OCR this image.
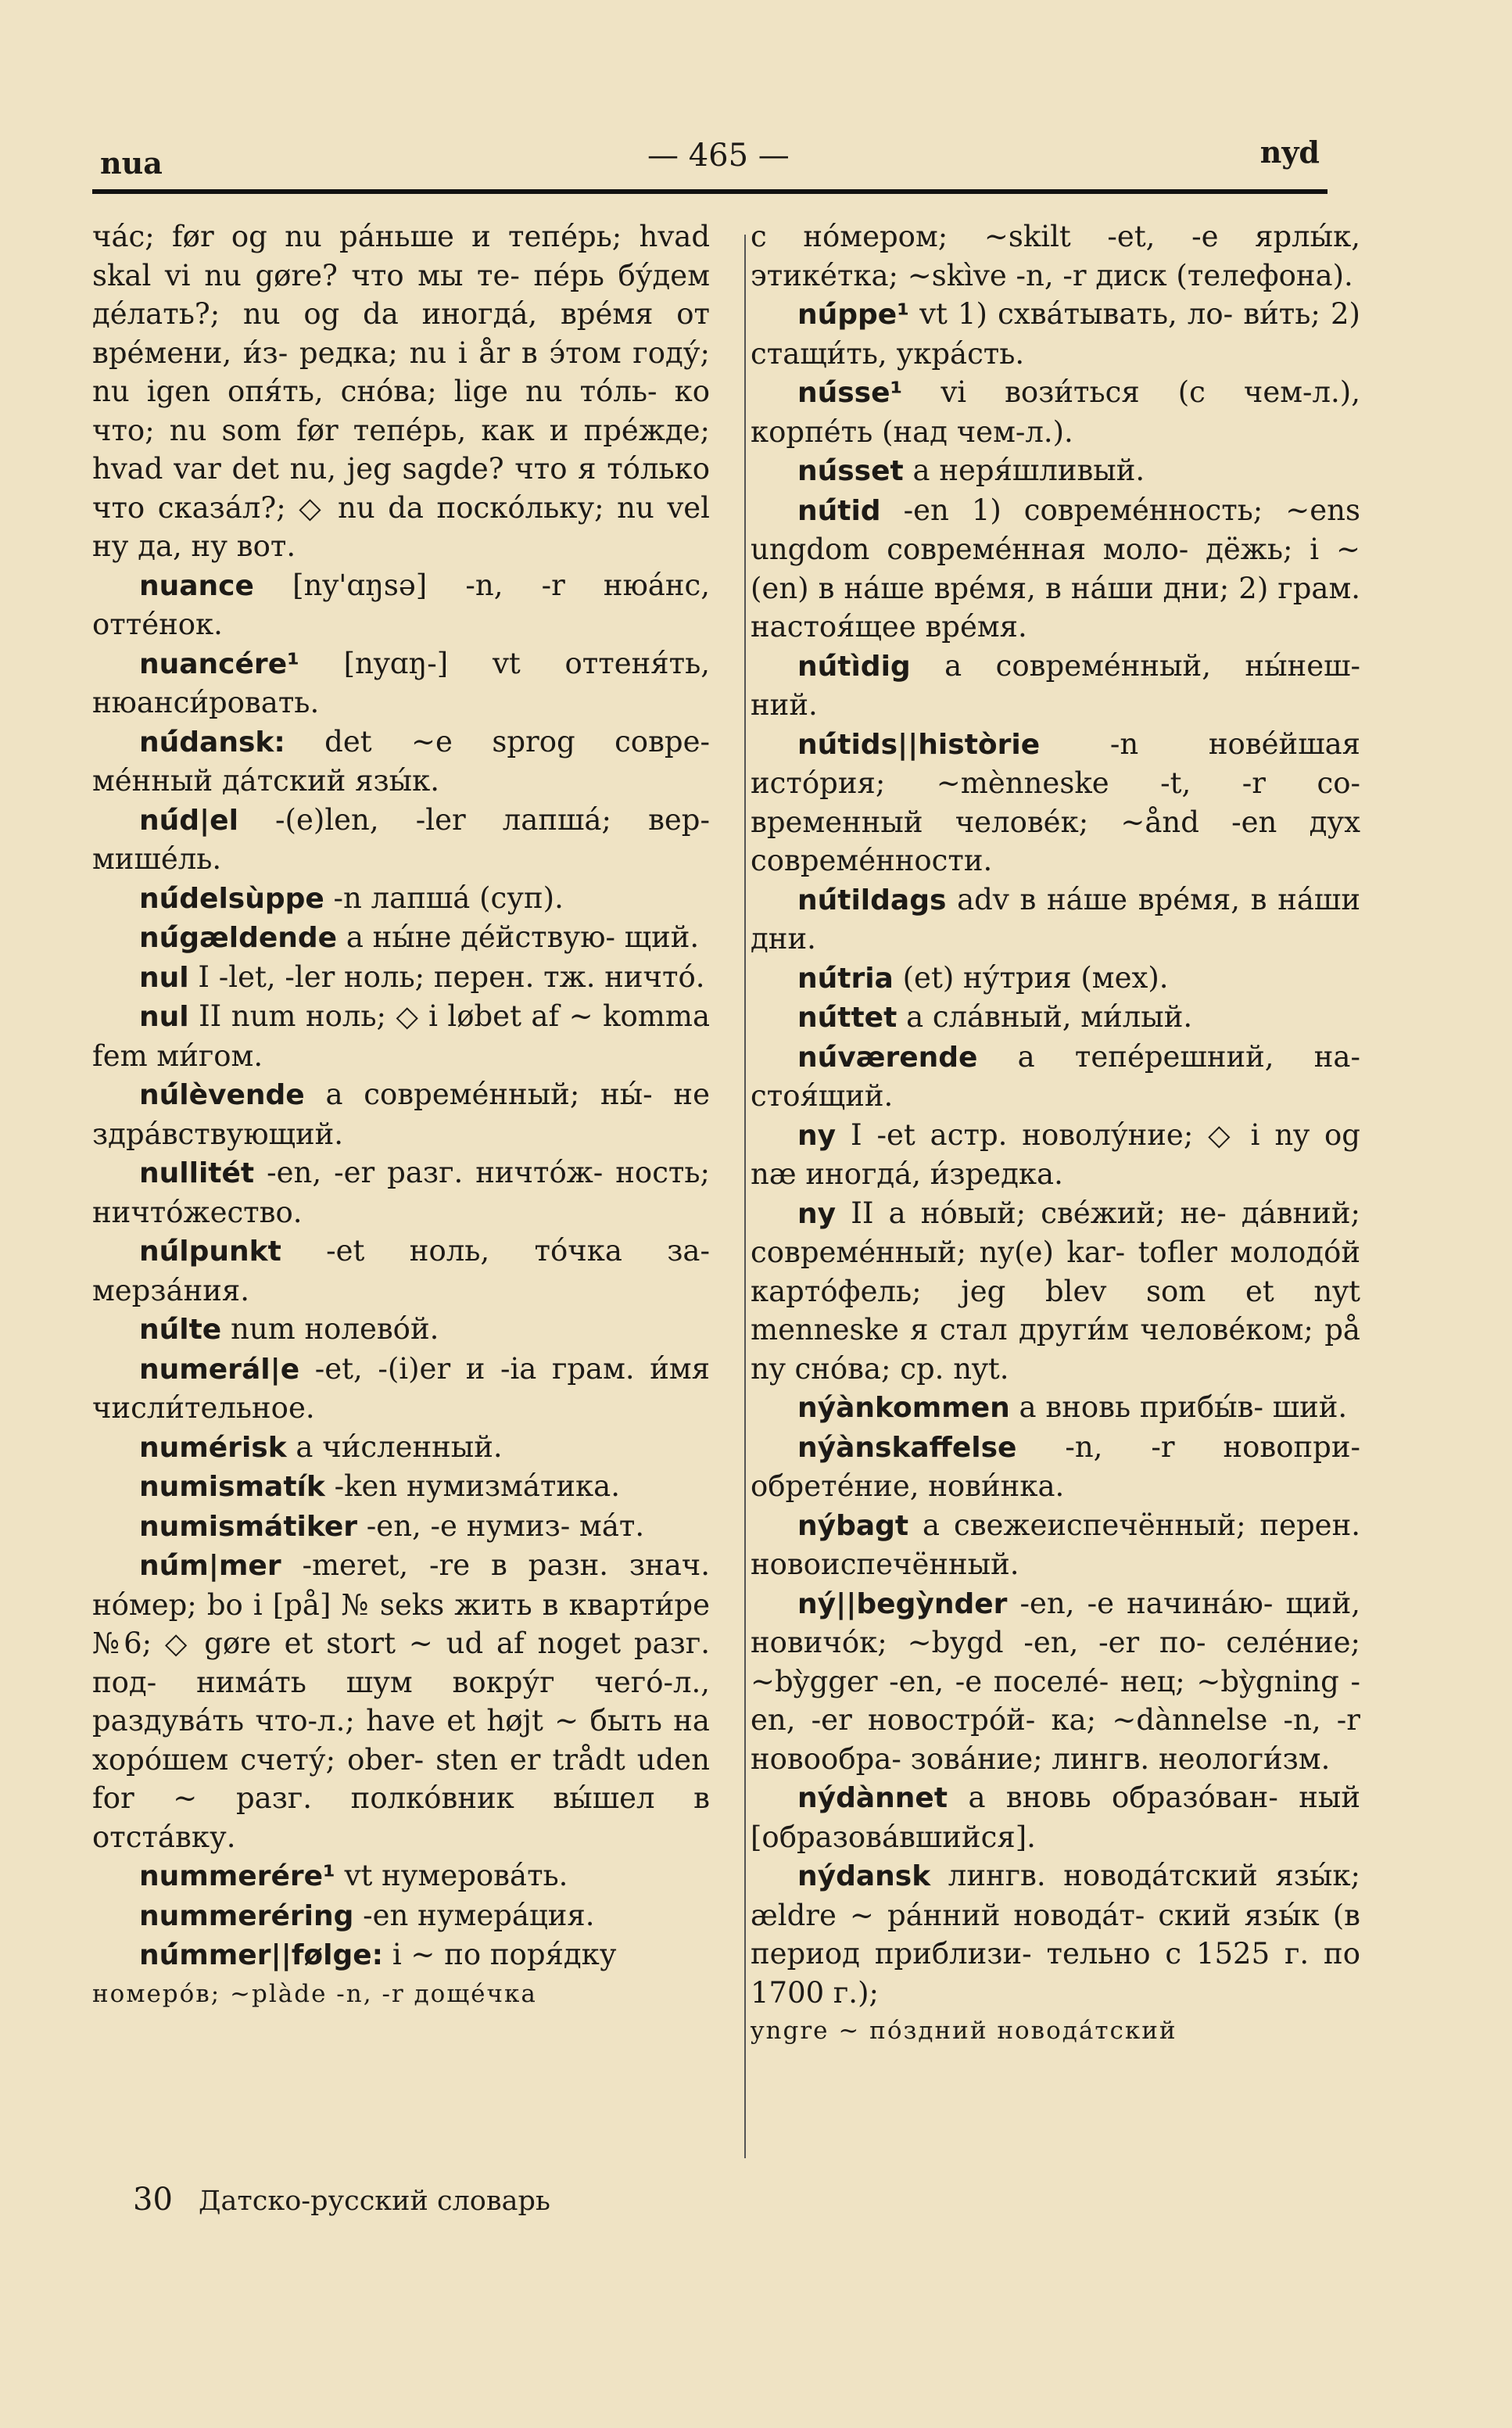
nua	— 465 —	nyd

ча́с; før og nu ра́ньше и тепе́рь; hvad skal vi nu gøre? что мы те- пе́рь бу́дем де́лать?; nu og da иногда́, вре́мя от вре́мени, и́з- редка; nu i år в э́том году́; nu igen опя́ть, сно́ва; lige nu то́ль- ко что; nu som før тепе́рь, как и пре́жде; hvad var det nu, jeg sagde? что я то́лько что сказа́л?; ◇ nu da поско́льку; nu vel ну да, ну вот.

nuance [ny'ɑŋsə] -n, -r нюа́нс, отте́нок.

nuancére¹ [nyɑŋ-] vt оттеня́ть, нюанси́ровать.

nú́dansk: det ~e sprog совре- ме́нный да́тский язы́к.

nú́d|el -(e)len, -ler лапша́; вер- мише́ль.

nú́delsùppe -n лапша́ (суп).

nú́gældende a ны́не де́йствую- щий.

nul I -let, -ler ноль; перен. тж. ничто́.

nul II num ноль; ◇ i løbet af ~ komma fem ми́гом.

nú́lèvende a совреме́нный; ны́- не здра́вствующий.

nullitét -en, -er разг. ничто́ж- ность; ничто́жество.

nú́lpunkt -et ноль, то́чка за- мерза́ния.

nú́lte num нолево́й.

numerál|e -et, -(i)er и -ia грам. и́мя числи́тельное.

numérisk a чи́сленный.

numismatík -ken нумизма́тика.

numismátiker -en, -e нумиз- ма́т.

nú́m|mer -meret, -re в разн. знач. но́мер; bo i [på] № seks жить в кварти́ре №6; ◇ gøre et stort ~ ud af noget разг. под- нима́ть шум вокру́г чего́-л., раздува́ть что-л.; have et højt ~ быть на хоро́шем счету́; ober- sten er trådt uden for ~ разг. полко́вник вы́шел в отста́вку.

nummerére¹ vt нумерова́ть.

nummeréring -en нумера́ция.

nú́mmer||følge: i ~ по поря́дку

номеро́в; ~plàde -n, -r доще́чка

с но́мером; ~skilt -et, -e ярлы́к, этике́тка; ~skìve -n, -r диск (телефона).

nú́ppe¹ vt 1) схва́тывать, ло- ви́ть; 2) стащи́ть, укра́сть.

nú́sse¹ vi вози́ться (с чем-л.), корпе́ть (над чем-л.).

nú́sset a неря́шливый.

nú́tid -en 1) совреме́нность; ~ens ungdom совреме́нная моло- дёжь; i ~(en) в на́ше вре́мя, в на́ши дни; 2) грам. настоя́щее вре́мя.

nú́tìdig a совреме́нный, ны́неш- ний.

nú́tids||històrie -n нове́йшая исто́рия; ~mènneske -t, -r со- временный челове́к; ~ånd -en дух совреме́нности.

nú́tildags adv в на́ше вре́мя, в на́ши дни.

nú́tria (et) ну́трия (мех).

nú́ttet a сла́вный, ми́лый.

nú́værende a тепе́решний, на- стоя́щий.

ny I -et астр. новолу́ние; ◇ i ny og næ иногда́, и́зредка.

ny II a но́вый; све́жий; не- да́вний; совреме́нный; ny(e) kar- tofler молодо́й карто́фель; jeg blev som et nyt menneske я стал други́м челове́ком; på ny сно́ва; ср. nyt.

nýànkommen a вновь прибы́в- ший.

nýànskaffelse -n, -r новопри- обрете́ние, нови́нка.

nýbagt a свежеиспечённый; перен. новоиспечённый.

ný||begỳnder -en, -e начина́ю- щий, новичо́к; ~bygd -en, -er по- селе́ние; ~bỳgger -en, -e поселе́- нец; ~bỳgning -en, -er новострóй- ка; ~dànnelse -n, -r новообра- зова́ние; лингв. неологи́зм.

nýdànnet a вновь образо́ван- ный [образова́вшийся].

nýdansk лингв. новода́тский язы́к; ældre ~ ра́нний новода́т- ский язы́к (в период приблизи- тельно с 1525 г. по 1700 г.);

yngre ~ по́здний новода́тский

30 Датско-русский словарь
